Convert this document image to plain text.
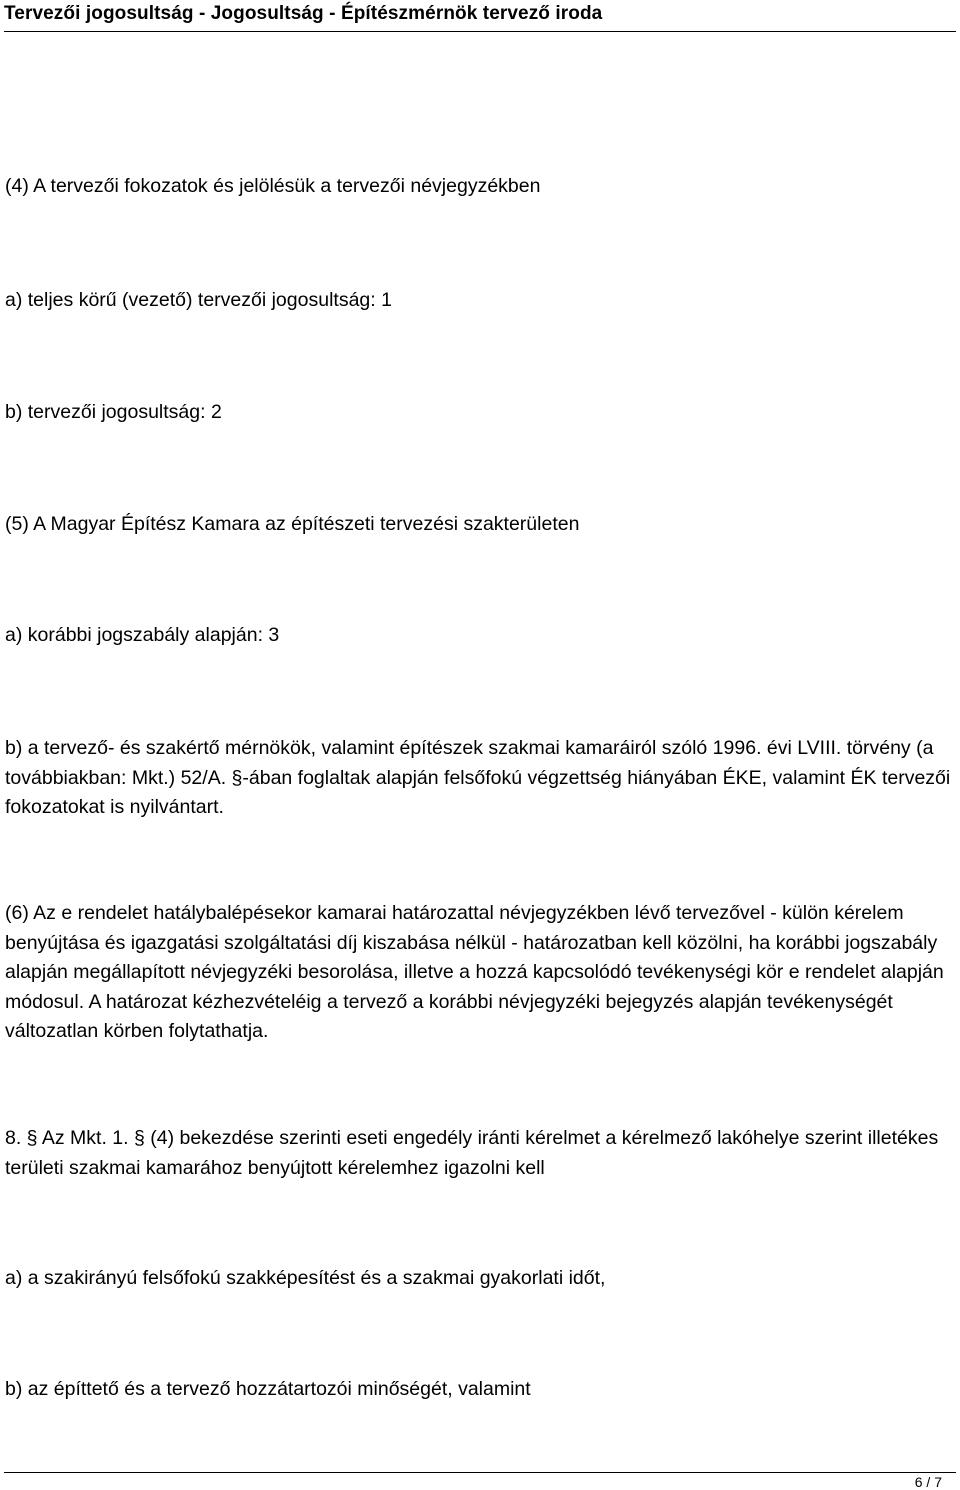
Tervezői jogosultság - Jogosultság - Építészmérnök tervező iroda

(4) A tervezői fokozatok és jelölésük a tervezői névjegyzékben

a) teljes körű (vezető) tervezői jogosultság: 1

b) tervezői jogosultság: 2

(5) A Magyar Építész Kamara az építészeti tervezési szakterületen

a) korábbi jogszabály alapján: 3

b) a tervező- és szakértő mérnökök, valamint építészek szakmai kamaráiról szóló 1996. évi LVIII. törvény (a továbbiakban: Mkt.) 52/A. §-ában foglaltak alapján felsőfokú végzettség hiányában ÉKE, valamint ÉK tervezői fokozatokat is nyilvántart.

(6) Az e rendelet hatálybalépésekor kamarai határozattal névjegyzékben lévő tervezővel - külön kérelem benyújtása és igazgatási szolgáltatási díj kiszabása nélkül - határozatban kell közölni, ha korábbi jogszabály alapján megállapított névjegyzéki besorolása, illetve a hozzá kapcsolódó tevékenységi kör e rendelet alapján módosul. A határozat kézhezvételéig a tervező a korábbi névjegyzéki bejegyzés alapján tevékenységét változatlan körben folytathatja.

8. § Az Mkt. 1. § (4) bekezdése szerinti eseti engedély iránti kérelmet a kérelmező lakóhelye szerint illetékes területi szakmai kamarához benyújtott kérelemhez igazolni kell

a) a szakirányú felsőfokú szakképesítést és a szakmai gyakorlati időt,

b) az építtető és a tervező hozzátartozói minőségét, valamint

6 / 7
